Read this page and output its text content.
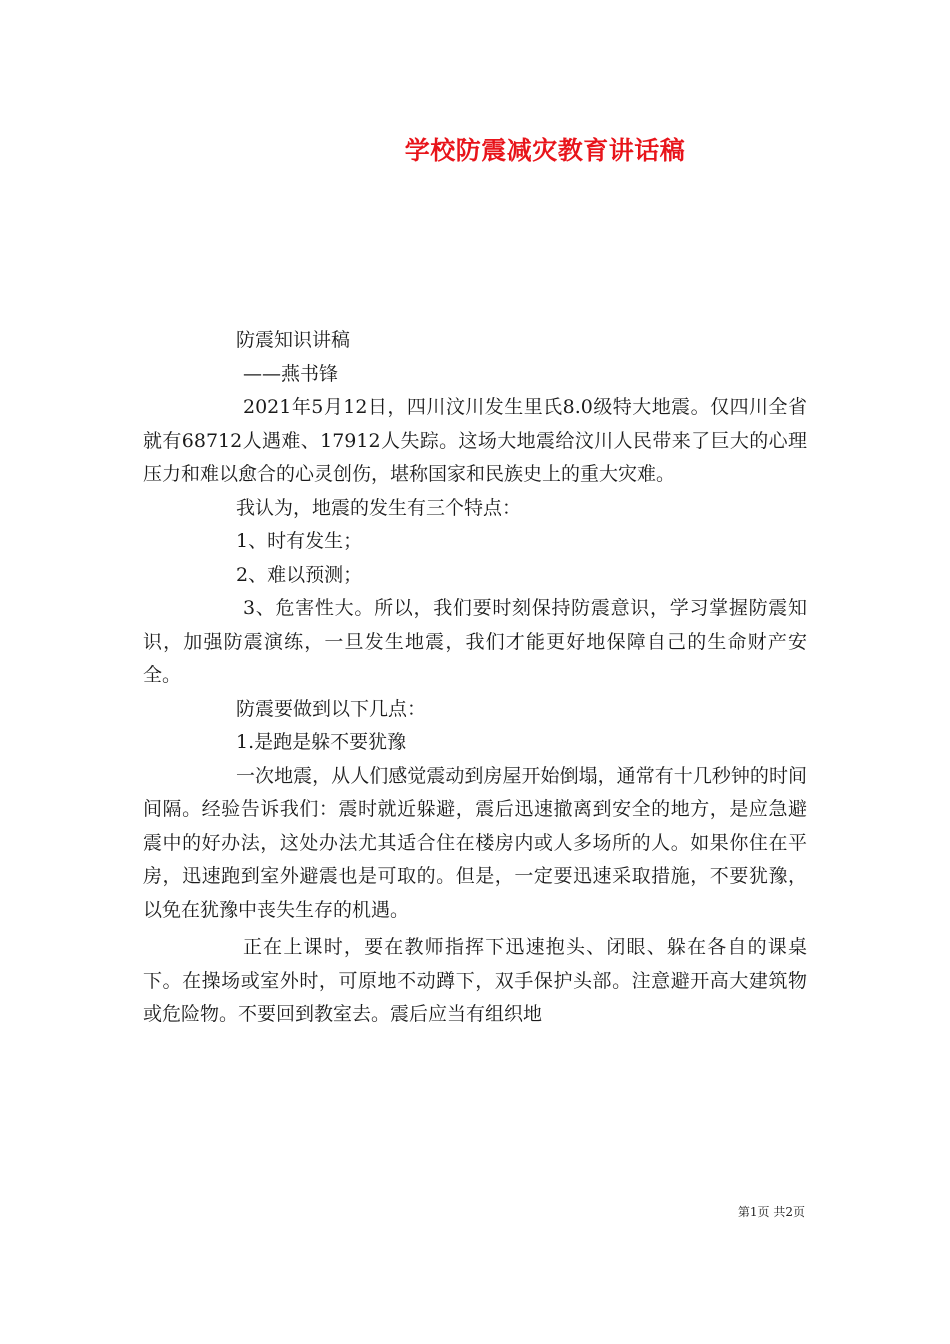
学校防震减灾教育讲话稿

防震知识讲稿

——燕书锋

2021年5月12日，四川汶川发生里氏8.0级特大地震。仅四川全省就有68712人遇难、17912人失踪。这场大地震给汶川人民带来了巨大的心理压力和难以愈合的心灵创伤，堪称国家和民族史上的重大灾难。

我认为，地震的发生有三个特点：

1、时有发生；

2、难以预测；

3、危害性大。所以，我们要时刻保持防震意识，学习掌握防震知识，加强防震演练，一旦发生地震，我们才能更好地保障自己的生命财产安全。

防震要做到以下几点：

1.是跑是躲不要犹豫

一次地震，从人们感觉震动到房屋开始倒塌，通常有十几秒钟的时间间隔。经验告诉我们：震时就近躲避，震后迅速撤离到安全的地方，是应急避震中的好办法，这处办法尤其适合住在楼房内或人多场所的人。如果你住在平房，迅速跑到室外避震也是可取的。但是，一定要迅速采取措施，不要犹豫，以免在犹豫中丧失生存的机遇。

正在上课时，要在教师指挥下迅速抱头、闭眼、躲在各自的课桌下。在操场或室外时，可原地不动蹲下，双手保护头部。注意避开高大建筑物或危险物。不要回到教室去。震后应当有组织地

第1页 共2页
